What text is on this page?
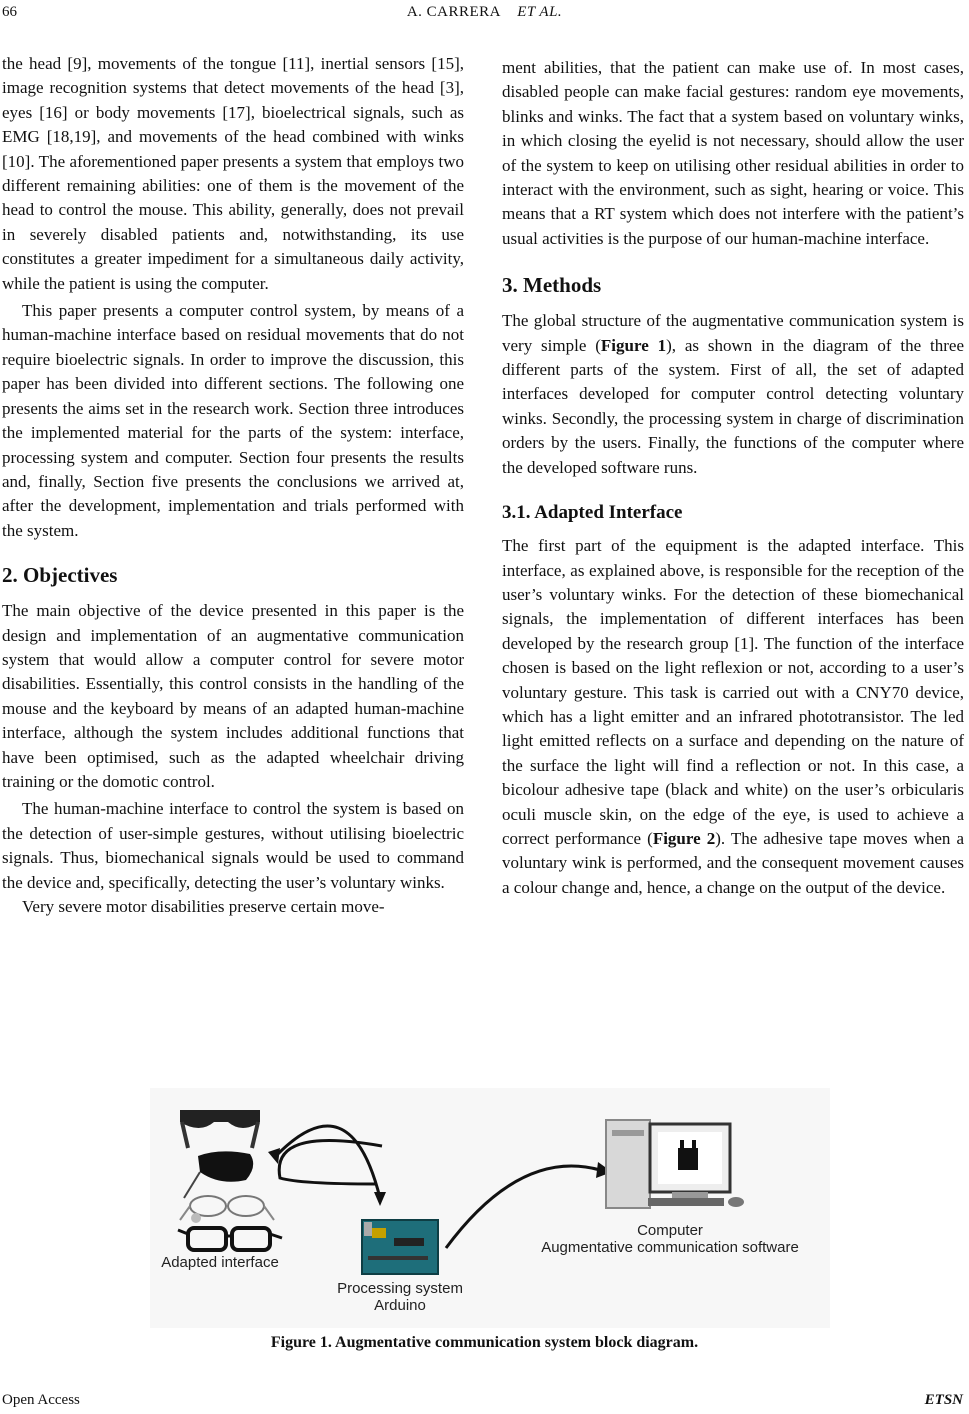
66	A. CARRERA ET AL.

the head [9], movements of the tongue [11], inertial sensors [15], image recognition systems that detect movements of the head [3], eyes [16] or body movements [17], bioelectrical signals, such as EMG [18,19], and movements of the head combined with winks [10]. The aforementioned paper presents a system that employs two different remaining abilities: one of them is the movement of the head to control the mouse. This ability, generally, does not prevail in severely disabled patients and, notwithstanding, its use constitutes a greater impediment for a simultaneous daily activity, while the patient is using the computer.

This paper presents a computer control system, by means of a human-machine interface based on residual movements that do not require bioelectric signals. In order to improve the discussion, this paper has been divided into different sections. The following one presents the aims set in the research work. Section three introduces the implemented material for the parts of the system: interface, processing system and computer. Section four presents the results and, finally, Section five presents the conclusions we arrived at, after the development, implementation and trials performed with the system.

2. Objectives

The main objective of the device presented in this paper is the design and implementation of an augmentative communication system that would allow a computer control for severe motor disabilities. Essentially, this control consists in the handling of the mouse and the keyboard by means of an adapted human-machine interface, although the system includes additional functions that have been optimised, such as the adapted wheelchair driving training or the domotic control.

The human-machine interface to control the system is based on the detection of user-simple gestures, without utilising bioelectric signals. Thus, biomechanical signals would be used to command the device and, specifically, detecting the user’s voluntary winks.

Very severe motor disabilities preserve certain move-

ment abilities, that the patient can make use of. In most cases, disabled people can make facial gestures: random eye movements, blinks and winks. The fact that a system based on voluntary winks, in which closing the eyelid is not necessary, should allow the user of the system to keep on utilising other residual abilities in order to interact with the environment, such as sight, hearing or voice. This means that a RT system which does not interfere with the patient’s usual activities is the purpose of our human-machine interface.

3. Methods

The global structure of the augmentative communication system is very simple (Figure 1), as shown in the diagram of the three different parts of the system. First of all, the set of adapted interfaces developed for computer control detecting voluntary winks. Secondly, the processing system in charge of discrimination orders by the users. Finally, the functions of the computer where the developed software runs.

3.1. Adapted Interface

The first part of the equipment is the adapted interface. This interface, as explained above, is responsible for the reception of the user’s voluntary winks. For the detection of these biomechanical signals, the implementation of different interfaces has been developed by the research group [1]. The function of the interface chosen is based on the light reflexion or not, according to a user’s voluntary gesture. This task is carried out with a CNY70 device, which has a light emitter and an infrared phototransistor. The led light emitted reflects on a surface and depending on the nature of the surface the light will find a reflection or not. In this case, a bicolour adhesive tape (black and white) on the user’s orbicularis oculi muscle skin, on the edge of the eye, is used to achieve a correct performance (Figure 2). The adhesive tape moves when a voluntary wink is performed, and the consequent movement causes a colour change and, hence, a change on the output of the device.

Adapted interface
Processing system
Arduino
Computer
Augmentative communication software
Figure 1. Augmentative communication system block diagram.
Open Access	ETSN
